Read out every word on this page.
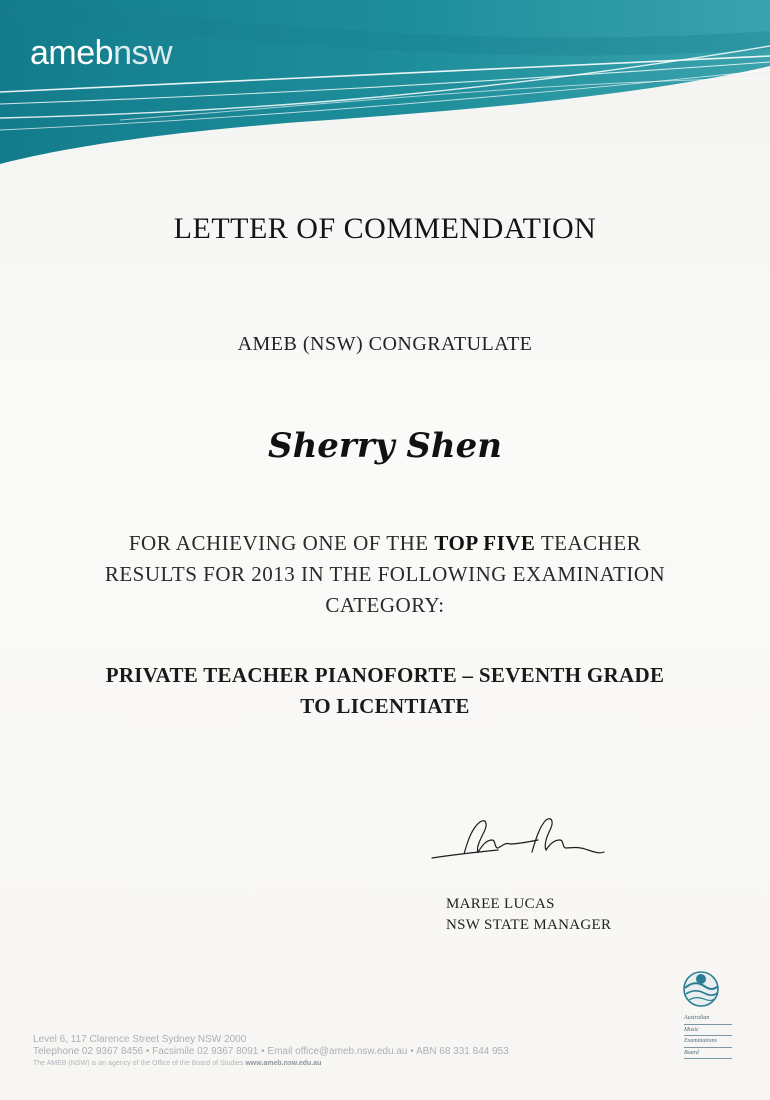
amebnsw
LETTER OF COMMENDATION
AMEB (NSW) CONGRATULATE
Sherry Shen
FOR ACHIEVING ONE OF THE TOP FIVE TEACHER RESULTS FOR 2013 IN THE FOLLOWING EXAMINATION CATEGORY:
PRIVATE TEACHER PIANOFORTE – SEVENTH GRADE
TO LICENTIATE
MAREE LUCAS
NSW STATE MANAGER
Level 6, 117 Clarence Street Sydney NSW 2000
Telephone 02 9367 8456 • Facsimile 02 9367 8091 • Email office@ameb.nsw.edu.au • ABN 68 331 844 953
The AMEB (NSW) is an agency of the Office of the Board of Studies www.ameb.nsw.edu.au
Australian
Music
Examinations
Board
